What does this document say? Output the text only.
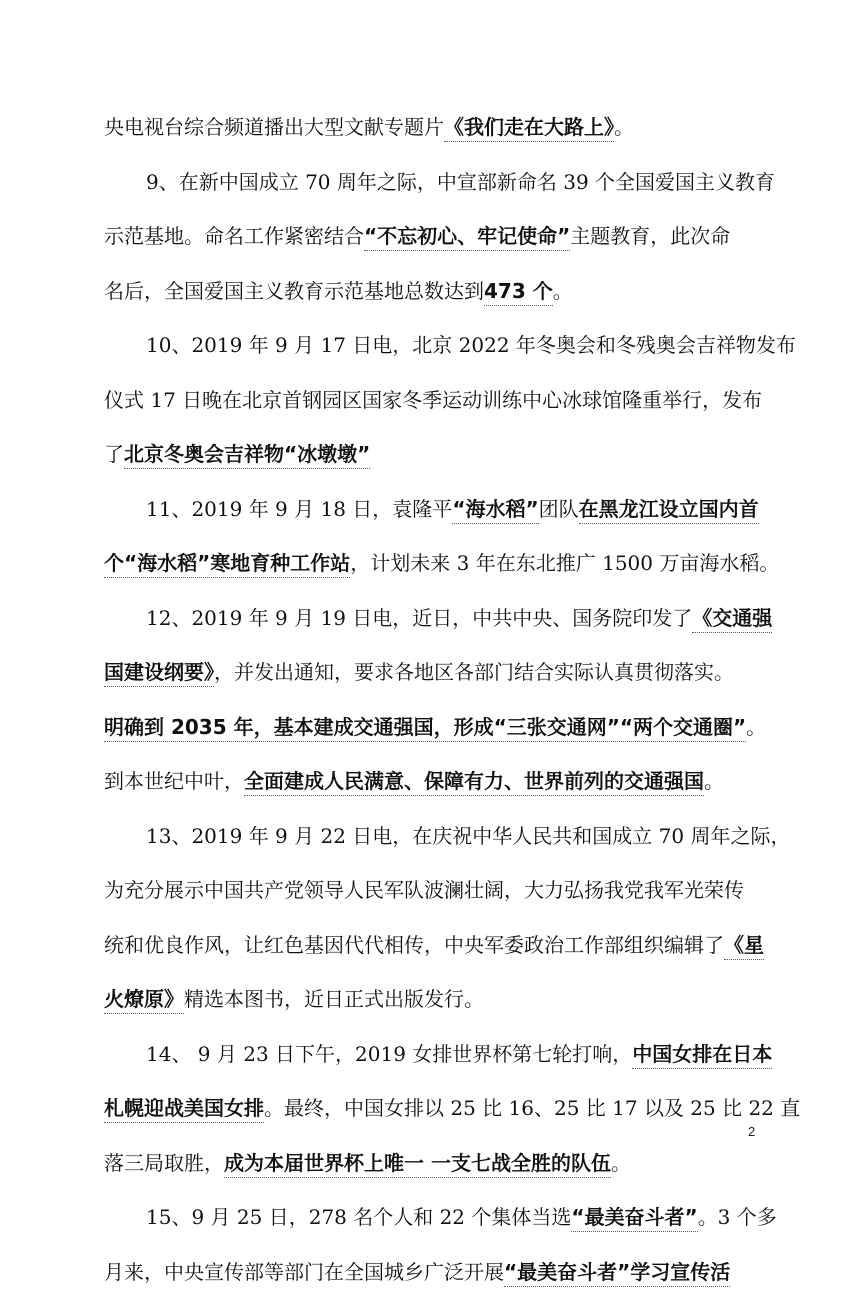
央电视台综合频道播出大型文献专题片《我们走在大路上》。
9、在新中国成立 70 周年之际，中宣部新命名 39 个全国爱国主义教育
示范基地。命名工作紧密结合“不忘初心、牢记使命”主题教育，此次命
名后，全国爱国主义教育示范基地总数达到473 个。
10、2019 年 9 月 17 日电，北京 2022 年冬奥会和冬残奥会吉祥物发布
仪式 17 日晚在北京首钢园区国家冬季运动训练中心冰球馆隆重举行，发布
了北京冬奥会吉祥物“冰墩墩”
11、2019 年 9 月 18 日，袁隆平“海水稻”团队在黑龙江设立国内首
个“海水稻”寒地育种工作站，计划未来 3 年在东北推广 1500 万亩海水稻。
12、2019 年 9 月 19 日电，近日，中共中央、国务院印发了《交通强
国建设纲要》，并发出通知，要求各地区各部门结合实际认真贯彻落实。
明确到 2035 年，基本建成交通强国，形成“三张交通网”“两个交通圈”。
到本世纪中叶，全面建成人民满意、保障有力、世界前列的交通强国。
13、2019 年 9 月 22 日电，在庆祝中华人民共和国成立 70 周年之际，
为充分展示中国共产党领导人民军队波澜壮阔，大力弘扬我党我军光荣传
统和优良作风，让红色基因代代相传，中央军委政治工作部组织编辑了《星
火燎原》精选本图书，近日正式出版发行。
14、 9 月 23 日下午，2019 女排世界杯第七轮打响，中国女排在日本
札幌迎战美国女排。最终，中国女排以 25 比 16、25 比 17 以及 25 比 22 直
落三局取胜，成为本届世界杯上唯一 一支七战全胜的队伍。
15、9 月 25 日，278 名个人和 22 个集体当选“最美奋斗者”。3 个多
月来，中央宣传部等部门在全国城乡广泛开展“最美奋斗者”学习宣传活
2
